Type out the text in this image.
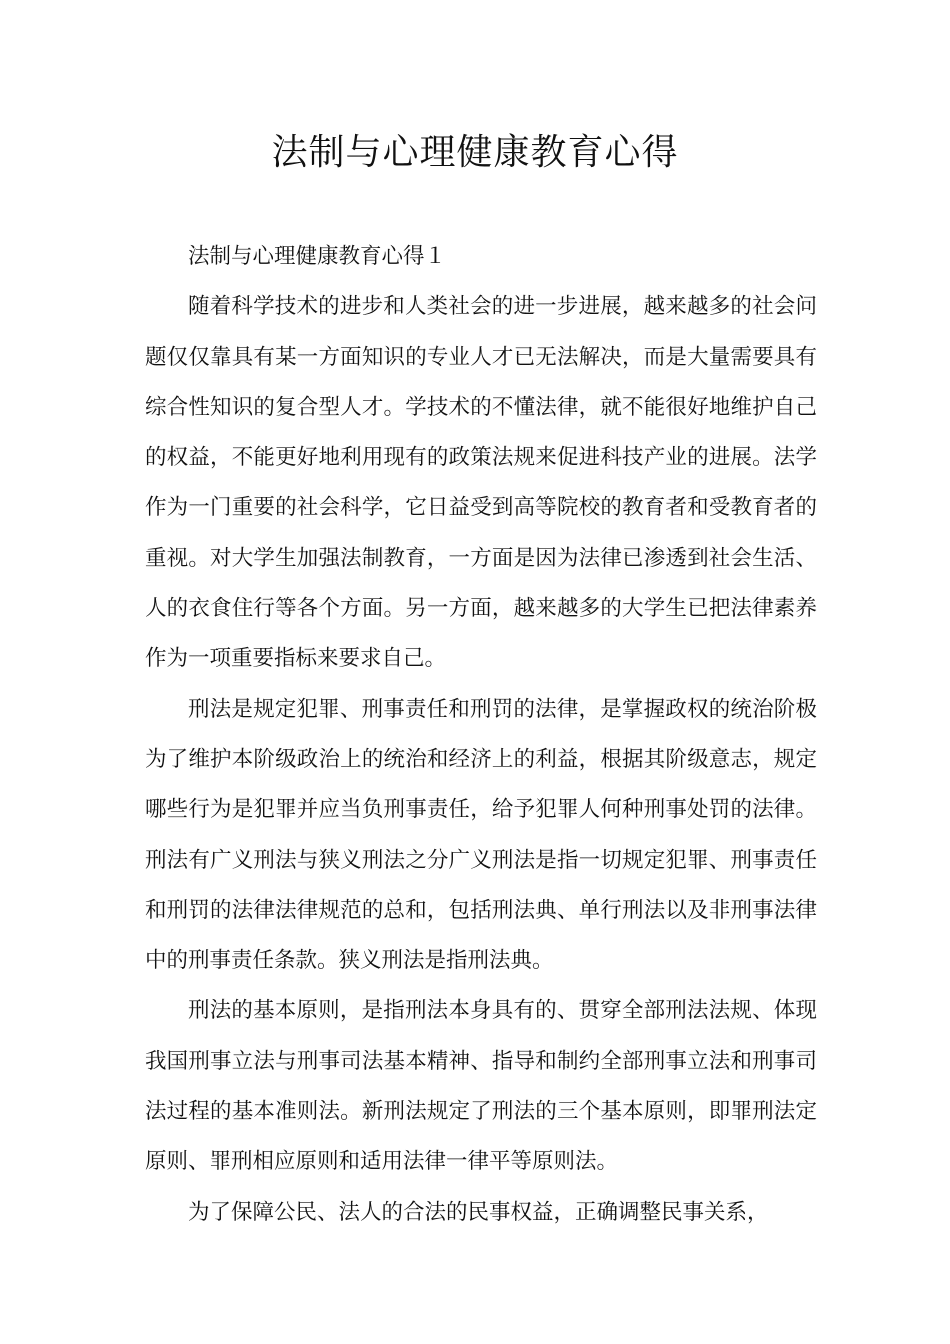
法制与心理健康教育心得

法制与心理健康教育心得１

随着科学技术的进步和人类社会的进一步进展，越来越多的社会问题仅仅靠具有某一方面知识的专业人才已无法解决，而是大量需要具有综合性知识的复合型人才。学技术的不懂法律，就不能很好地维护自己的权益，不能更好地利用现有的政策法规来促进科技产业的进展。法学作为一门重要的社会科学，它日益受到高等院校的教育者和受教育者的重视。对大学生加强法制教育，一方面是因为法律已渗透到社会生活、人的衣食住行等各个方面。另一方面，越来越多的大学生已把法律素养作为一项重要指标来要求自己。

刑法是规定犯罪、刑事责任和刑罚的法律，是掌握政权的统治阶极为了维护本阶级政治上的统治和经济上的利益，根据其阶级意志，规定哪些行为是犯罪并应当负刑事责任，给予犯罪人何种刑事处罚的法律。刑法有广义刑法与狭义刑法之分广义刑法是指一切规定犯罪、刑事责任和刑罚的法律法律规范的总和，包括刑法典、单行刑法以及非刑事法律中的刑事责任条款。狭义刑法是指刑法典。

刑法的基本原则，是指刑法本身具有的、贯穿全部刑法法规、体现我国刑事立法与刑事司法基本精神、指导和制约全部刑事立法和刑事司法过程的基本准则法。新刑法规定了刑法的三个基本原则，即罪刑法定原则、罪刑相应原则和适用法律一律平等原则法。

为了保障公民、法人的合法的民事权益，正确调整民事关系，
